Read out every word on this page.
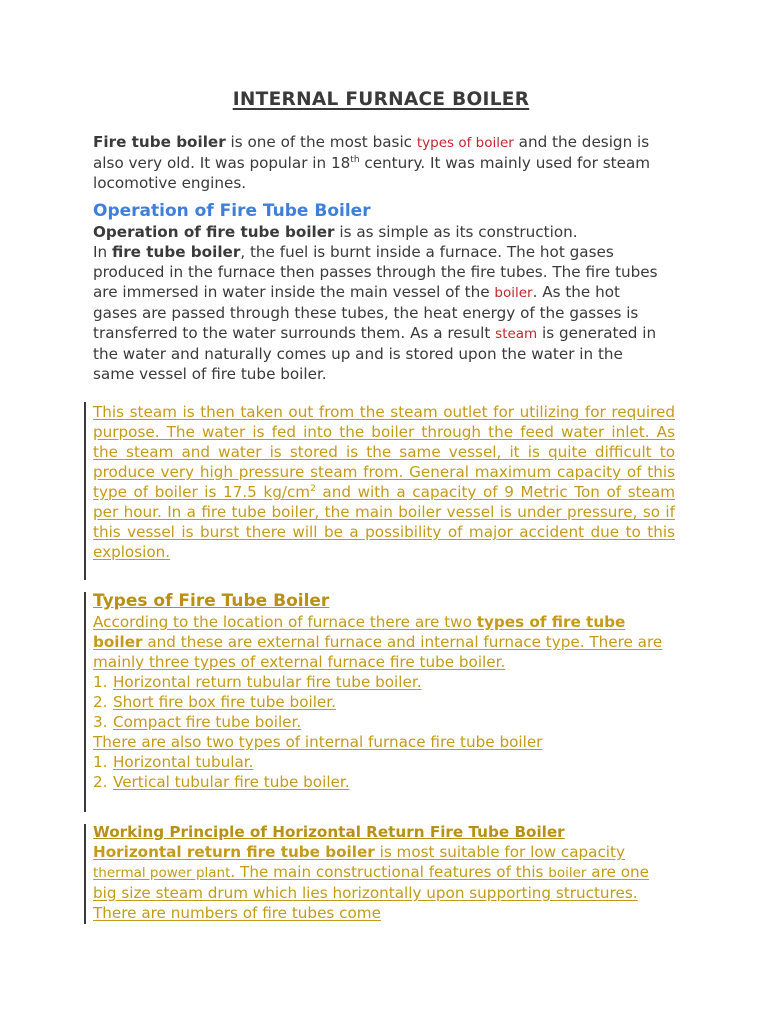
INTERNAL FURNACE BOILER
Fire tube boiler is one of the most basic types of boiler and the design is also very old. It was popular in 18th century. It was mainly used for steam locomotive engines.
Operation of Fire Tube Boiler
Operation of fire tube boiler is as simple as its construction.
In fire tube boiler, the fuel is burnt inside a furnace. The hot gases produced in the furnace then passes through the fire tubes. The fire tubes are immersed in water inside the main vessel of the boiler. As the hot gases are passed through these tubes, the heat energy of the gasses is transferred to the water surrounds them. As a result steam is generated in the water and naturally comes up and is stored upon the water in the same vessel of fire tube boiler.
This steam is then taken out from the steam outlet for utilizing for required purpose. The water is fed into the boiler through the feed water inlet. As the steam and water is stored is the same vessel, it is quite difficult to produce very high pressure steam from. General maximum capacity of this type of boiler is 17.5 $kg/cm^2$ and with a capacity of 9 Metric Ton of steam per hour. In a fire tube boiler, the main boiler vessel is under pressure, so if this vessel is burst there will be a possibility of major accident due to this explosion.
Types of Fire Tube Boiler
According to the location of furnace there are two types of fire tube boiler and these are external furnace and internal furnace type. There are mainly three types of external furnace fire tube boiler.
1. Horizontal return tubular fire tube boiler.
2. Short fire box fire tube boiler.
3. Compact fire tube boiler.
There are also two types of internal furnace fire tube boiler
1. Horizontal tubular.
2. Vertical tubular fire tube boiler.
Working Principle of Horizontal Return Fire Tube Boiler
Horizontal return fire tube boiler is most suitable for low capacity thermal power plant. The main constructional features of this boiler are one big size steam drum which lies horizontally upon supporting structures. There are numbers of fire tubes come
